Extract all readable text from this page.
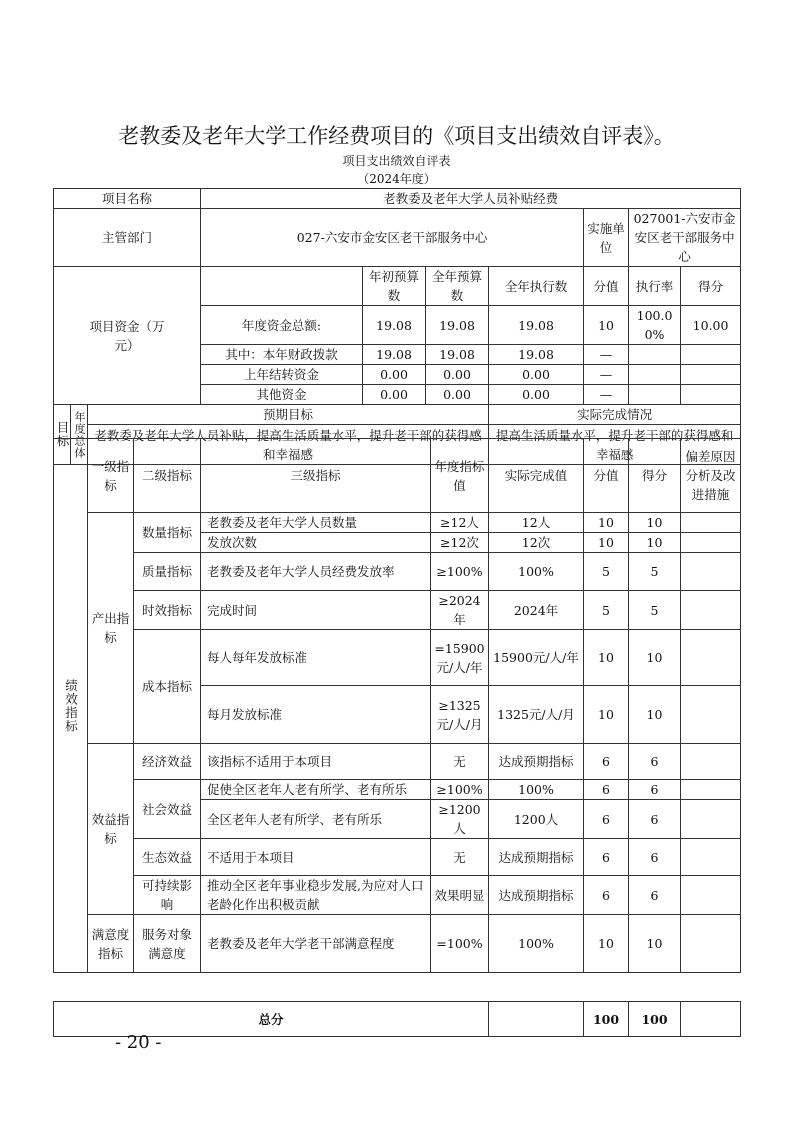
老教委及老年大学工作经费项目的《项目支出绩效自评表》。
项目支出绩效自评表
（2024年度）
项目名称			老教委及老年大学人员补贴经费						
主管部门			027-六安市金安区老干部服务中心				实施单位	027001-六安市金安区老干部服务中心	
项目资金（万元）				年初预算数	全年预算数	全年执行数	分值	执行率	得分
			年度资金总额:	19.08	19.08	19.08	10	100.00%	10.00
			其中：本年财政拨款	19.08	19.08	19.08	—		
			上年结转资金	0.00	0.00	0.00	—		
			其他资金	0.00	0.00	0.00	—		
目标	年度总体	预期目标				实际完成情况			
		老教委及老年大学人员补贴，提高生活质量水平，提升老干部的获得感和幸福感				提高生活质量水平，提升老干部的获得感和幸福感			
绩效指标	一级指标	二级指标	三级指标	年度指标值	实际完成值	分值	得分	偏差原因分析及改进措施
	产出指标	数量指标	老教委及老年大学人员数量	≥12人	12人	10	10	
			发放次数	≥12次	12次	10	10	
		质量指标	老教委及老年大学人员经费发放率	≥100%	100%	5	5	
		时效指标	完成时间	≥2024年	2024年	5	5	
		成本指标	每人每年发放标准	=15900元/人/年	15900元/人/年	10	10	
			每月发放标准	≥1325元/人/月	1325元/人/月	10	10	
	效益指标	经济效益	该指标不适用于本项目	无	达成预期指标	6	6	
		社会效益	促使全区老年人老有所学、老有所乐	≥100%	100%	6	6	
			全区老年人老有所学、老有所乐	≥1200人	1200人	6	6	
		生态效益	不适用于本项目	无	达成预期指标	6	6	
		可持续影响	推动全区老年事业稳步发展,为应对人口老龄化作出积极贡献	效果明显	达成预期指标	6	6	
	满意度指标	服务对象满意度	老教委及老年大学老干部满意程度	=100%	100%	10	10	
总分		100	100	
- 20 -
